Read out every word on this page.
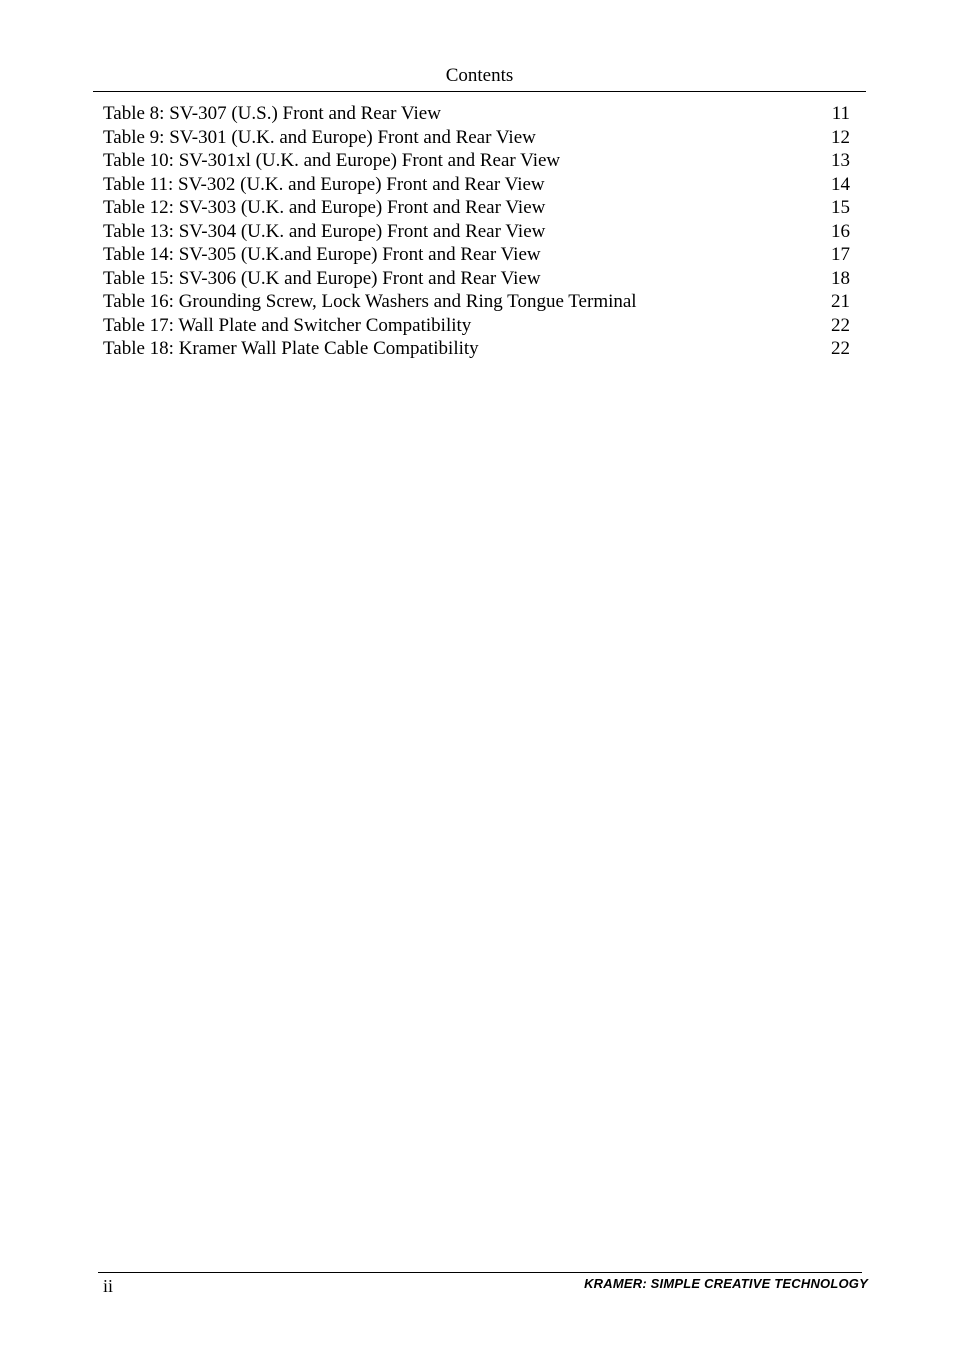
Contents
Table 8: SV-307 (U.S.) Front and Rear View	11
Table 9: SV-301 (U.K. and Europe) Front and Rear View	12
Table 10: SV-301xl (U.K. and Europe) Front and Rear View	13
Table 11: SV-302 (U.K. and Europe) Front and Rear View	14
Table 12: SV-303 (U.K. and Europe) Front and Rear View	15
Table 13: SV-304 (U.K. and Europe) Front and Rear View	16
Table 14: SV-305 (U.K.and Europe) Front and Rear View	17
Table 15: SV-306 (U.K and Europe) Front and Rear View	18
Table 16: Grounding Screw, Lock Washers and Ring Tongue Terminal	21
Table 17: Wall Plate and Switcher Compatibility	22
Table 18: Kramer Wall Plate Cable Compatibility	22
ii	KRAMER: SIMPLE CREATIVE TECHNOLOGY
